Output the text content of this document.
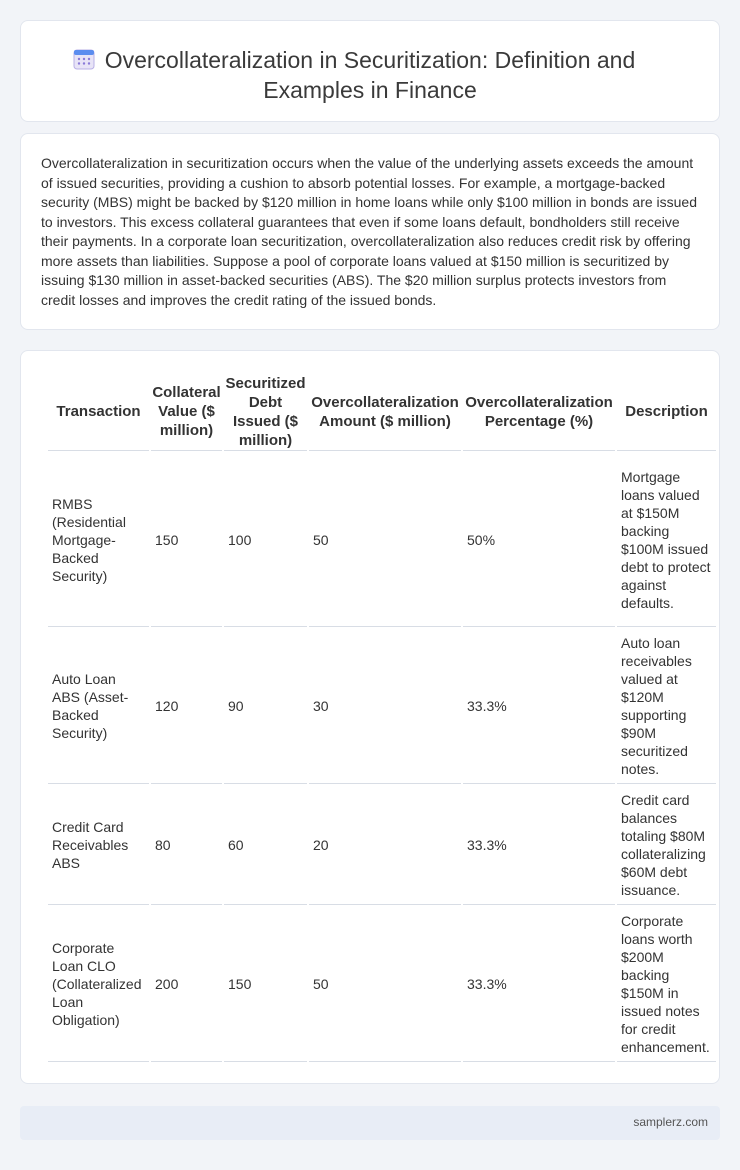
Overcollateralization in Securitization: Definition and
Examples in Finance

Overcollateralization in securitization occurs when the value of the underlying assets exceeds the amount of issued securities, providing a cushion to absorb potential losses. For example, a mortgage-backed security (MBS) might be backed by $120 million in home loans while only $100 million in bonds are issued to investors. This excess collateral guarantees that even if some loans default, bondholders still receive their payments. In a corporate loan securitization, overcollateralization also reduces credit risk by offering more assets than liabilities. Suppose a pool of corporate loans valued at $150 million is securitized by issuing $130 million in asset-backed securities (ABS). The $20 million surplus protects investors from credit losses and improves the credit rating of the issued bonds.

Transaction	Collateral Value ($ million)	Securitized Debt Issued ($ million)	Overcollateralization Amount ($ million)	Overcollateralization Percentage (%)	Description
RMBS (Residential Mortgage-Backed Security)	150	100	50	50%	Mortgage loans valued at $150M backing $100M issued debt to protect against defaults.
Auto Loan ABS (Asset-Backed Security)	120	90	30	33.3%	Auto loan receivables valued at $120M supporting $90M securitized notes.
Credit Card Receivables ABS	80	60	20	33.3%	Credit card balances totaling $80M collateralizing $60M debt issuance.
Corporate Loan CLO (Collateralized Loan Obligation)	200	150	50	33.3%	Corporate loans worth $200M backing $150M in issued notes for credit enhancement.
samplerz.com
